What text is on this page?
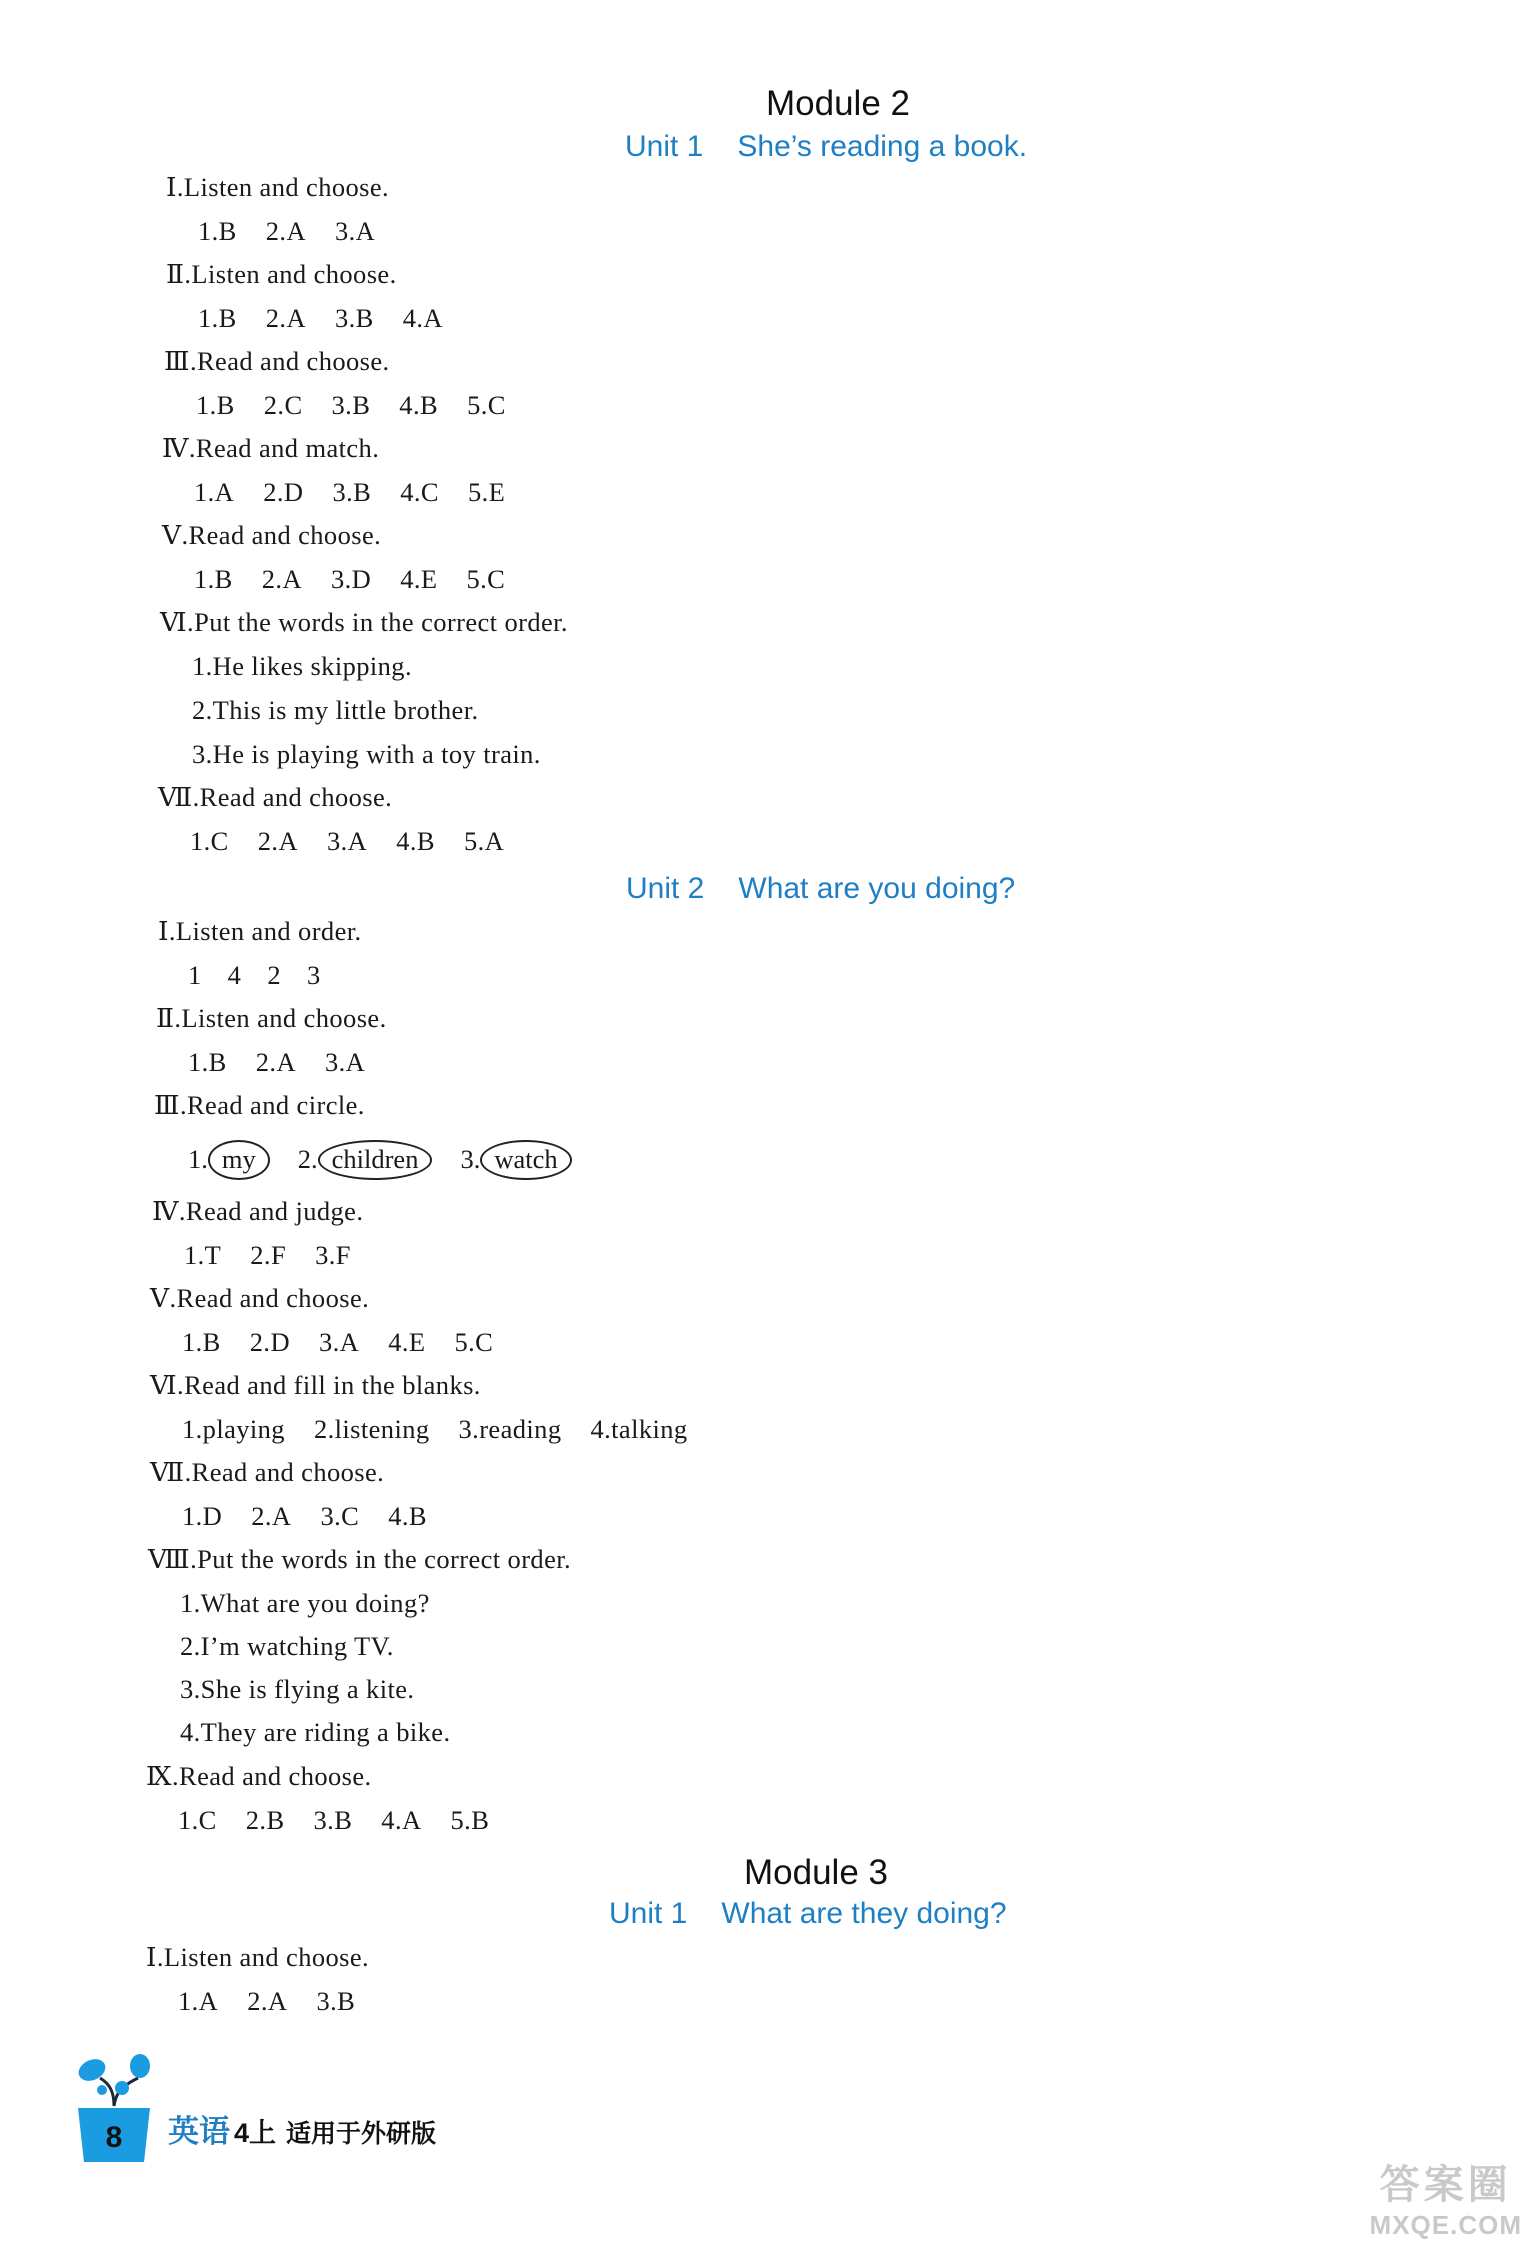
Module 2
Unit 1 She’s reading a book.
Ⅰ.Listen and choose.
1.B 2.A 3.A
Ⅱ.Listen and choose.
1.B 2.A 3.B 4.A
Ⅲ.Read and choose.
1.B 2.C 3.B 4.B 5.C
Ⅳ.Read and match.
1.A 2.D 3.B 4.C 5.E
Ⅴ.Read and choose.
1.B 2.A 3.D 4.E 5.C
Ⅵ.Put the words in the correct order.
1.He likes skipping.
2.This is my little brother.
3.He is playing with a toy train.
Ⅶ.Read and choose.
1.C 2.A 3.A 4.B 5.A
Unit 2 What are you doing?
Ⅰ.Listen and order.
1 4 2 3
Ⅱ.Listen and choose.
1.B 2.A 3.A
Ⅲ.Read and circle.
1. my 2. children 3. watch
Ⅳ.Read and judge.
1.T 2.F 3.F
Ⅴ.Read and choose.
1.B 2.D 3.A 4.E 5.C
Ⅵ.Read and fill in the blanks.
1.playing 2.listening 3.reading 4.talking
Ⅶ.Read and choose.
1.D 2.A 3.C 4.B
Ⅷ.Put the words in the correct order.
1.What are you doing?
2.I’m watching TV.
3.She is flying a kite.
4.They are riding a bike.
Ⅸ.Read and choose.
1.C 2.B 3.B 4.A 5.B
Module 3
Unit 1 What are they doing?
Ⅰ.Listen and choose.
1.A 2.A 3.B
8 英语 4上 适用于外研版
答案圈
MXQE.COM
